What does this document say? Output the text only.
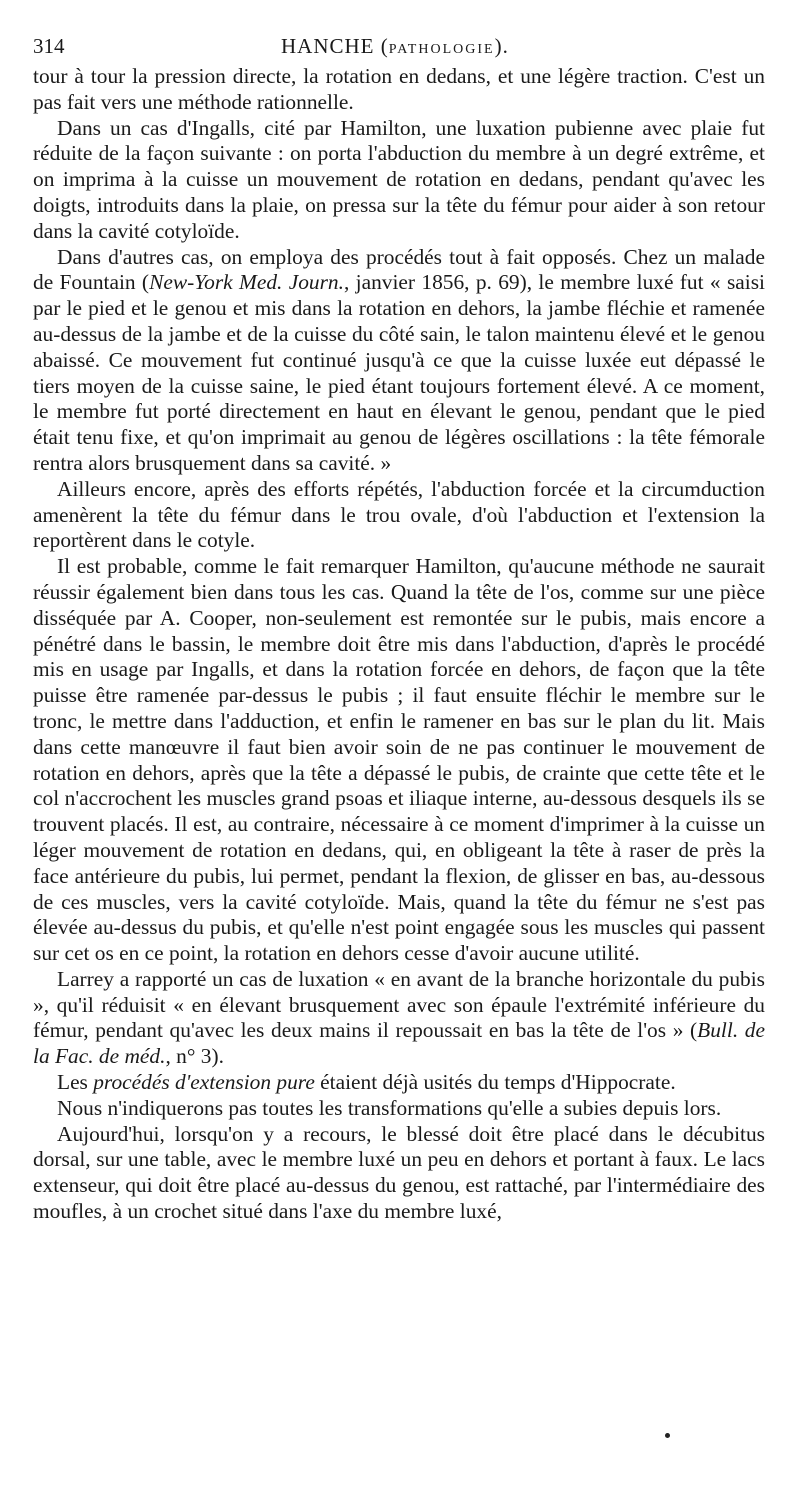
314	HANCHE (PATHOLOGIE).

tour à tour la pression directe, la rotation en dedans, et une légère traction. C'est un pas fait vers une méthode rationnelle.

Dans un cas d'Ingalls, cité par Hamilton, une luxation pubienne avec plaie fut réduite de la façon suivante : on porta l'abduction du membre à un degré extrême, et on imprima à la cuisse un mouvement de rotation en dedans, pendant qu'avec les doigts, introduits dans la plaie, on pressa sur la tête du fémur pour aider à son retour dans la cavité cotyloïde.

Dans d'autres cas, on employa des procédés tout à fait opposés. Chez un malade de Fountain (New-York Med. Journ., janvier 1856, p. 69), le membre luxé fut « saisi par le pied et le genou et mis dans la rotation en dehors, la jambe fléchie et ramenée au-dessus de la jambe et de la cuisse du côté sain, le talon maintenu élevé et le genou abaissé. Ce mouvement fut continué jusqu'à ce que la cuisse luxée eut dépassé le tiers moyen de la cuisse saine, le pied étant toujours fortement élevé. A ce moment, le membre fut porté directement en haut en élevant le genou, pendant que le pied était tenu fixe, et qu'on imprimait au genou de légères oscillations : la tête fémorale rentra alors brusquement dans sa cavité. »

Ailleurs encore, après des efforts répétés, l'abduction forcée et la circumduction amenèrent la tête du fémur dans le trou ovale, d'où l'abduction et l'extension la reportèrent dans le cotyle.

Il est probable, comme le fait remarquer Hamilton, qu'aucune méthode ne saurait réussir également bien dans tous les cas. Quand la tête de l'os, comme sur une pièce disséquée par A. Cooper, non-seulement est remontée sur le pubis, mais encore a pénétré dans le bassin, le membre doit être mis dans l'abduction, d'après le procédé mis en usage par Ingalls, et dans la rotation forcée en dehors, de façon que la tête puisse être ramenée par-dessus le pubis ; il faut ensuite fléchir le membre sur le tronc, le mettre dans l'adduction, et enfin le ramener en bas sur le plan du lit. Mais dans cette manœuvre il faut bien avoir soin de ne pas continuer le mouvement de rotation en dehors, après que la tête a dépassé le pubis, de crainte que cette tête et le col n'accrochent les muscles grand psoas et iliaque interne, au-dessous desquels ils se trouvent placés. Il est, au contraire, nécessaire à ce moment d'imprimer à la cuisse un léger mouvement de rotation en dedans, qui, en obligeant la tête à raser de près la face antérieure du pubis, lui permet, pendant la flexion, de glisser en bas, au-dessous de ces muscles, vers la cavité cotyloïde. Mais, quand la tête du fémur ne s'est pas élevée au-dessus du pubis, et qu'elle n'est point engagée sous les muscles qui passent sur cet os en ce point, la rotation en dehors cesse d'avoir aucune utilité.

Larrey a rapporté un cas de luxation « en avant de la branche horizontale du pubis », qu'il réduisit « en élevant brusquement avec son épaule l'extrémité inférieure du fémur, pendant qu'avec les deux mains il repoussait en bas la tête de l'os » (Bull. de la Fac. de méd., n° 3).

Les procédés d'extension pure étaient déjà usités du temps d'Hippocrate.

Nous n'indiquerons pas toutes les transformations qu'elle a subies depuis lors.

Aujourd'hui, lorsqu'on y a recours, le blessé doit être placé dans le décubitus dorsal, sur une table, avec le membre luxé un peu en dehors et portant à faux. Le lacs extenseur, qui doit être placé au-dessus du genou, est rattaché, par l'intermédiaire des moufles, à un crochet situé dans l'axe du membre luxé,
